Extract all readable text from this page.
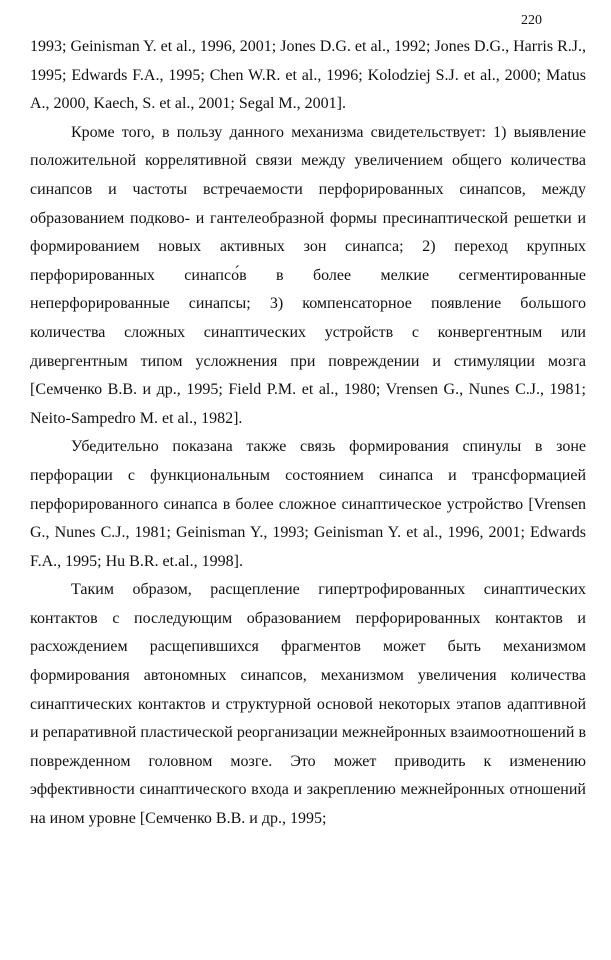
220

1993; Geinisman Y. et al., 1996, 2001; Jones D.G. et al., 1992; Jones D.G., Harris R.J., 1995; Edwards F.A., 1995; Chen W.R. et al., 1996; Kolodziej S.J. et al., 2000; Matus A., 2000, Kaech, S. et al., 2001; Segal M., 2001].

Кроме того, в пользу данного механизма свидетельствует: 1) выявление положительной коррелятивной связи между увеличением общего количества синапсов и частоты встречаемости перфорированных синапсов, между образованием подково- и гантелеобразной формы пресинаптической решетки и формированием новых активных зон синапса; 2) переход крупных перфорированных синапсо́в в более мелкие сегментированные неперфорированные синапсы; 3) компенсаторное появление большого количества сложных синаптических устройств с конвергентным или дивергентным типом усложнения при повреждении и стимуляции мозга [Семченко В.В. и др., 1995; Field P.M. et al., 1980; Vrensen G., Nunes C.J., 1981; Neito-Sampedro M. et al., 1982].

Убедительно показана также связь формирования спинулы в зоне перфорации с функциональным состоянием синапса и трансформацией перфорированного синапса в более сложное синаптическое устройство [Vrensen G., Nunes C.J., 1981; Geinisman Y., 1993; Geinisman Y. et al., 1996, 2001; Edwards F.A., 1995; Hu B.R. et.al., 1998].

Таким образом, расщепление гипертрофированных синаптических контактов с последующим образованием перфорированных контактов и расхождением расщепившихся фрагментов может быть механизмом формирования автономных синапсов, механизмом увеличения количества синаптических контактов и структурной основой некоторых этапов адаптивной и репаративной пластической реорганизации межнейронных взаимоотношений в поврежденном головном мозге. Это может приводить к изменению эффективности синаптического входа и закреплению межнейронных отношений на ином уровне [Семченко В.В. и др., 1995;
